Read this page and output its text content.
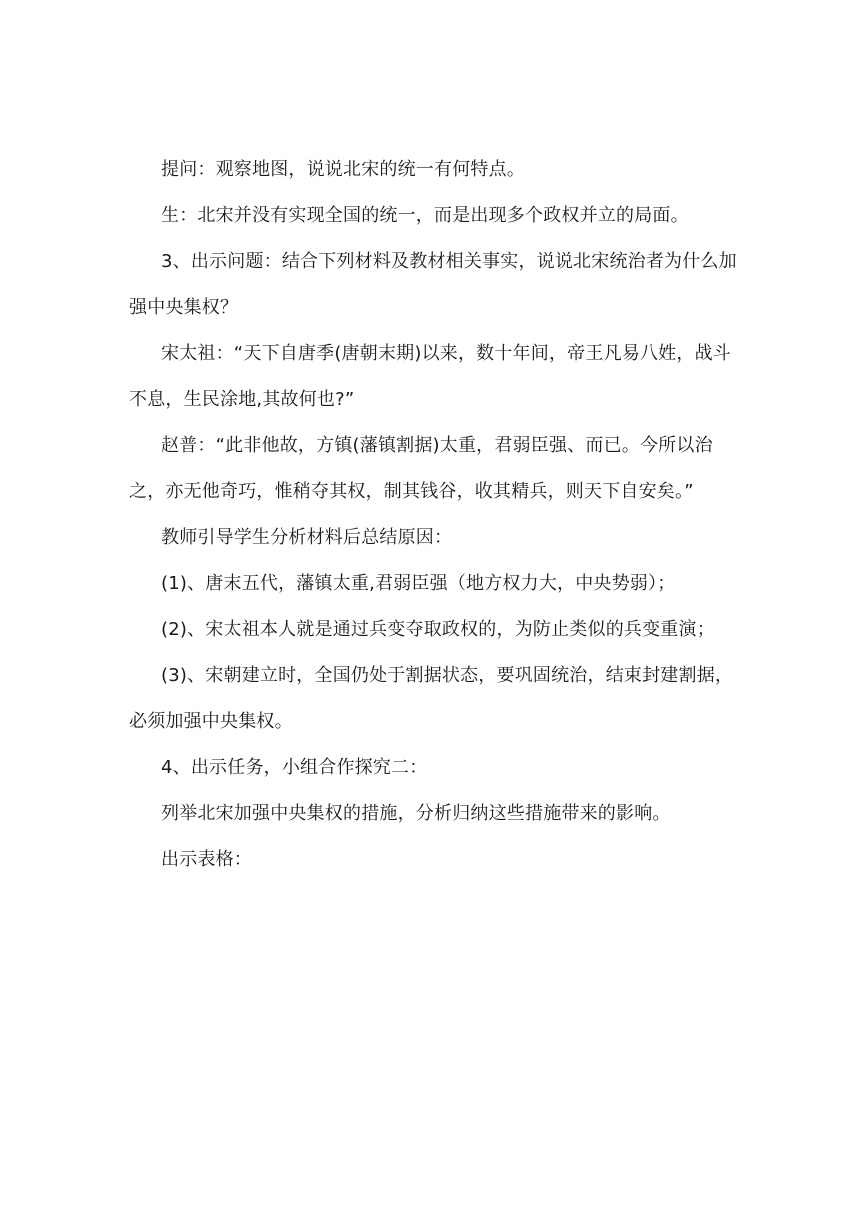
提问：观察地图，说说北宋的统一有何特点。

生：北宋并没有实现全国的统一，而是出现多个政权并立的局面。

3、出示问题：结合下列材料及教材相关事实，说说北宋统治者为什么加强中央集权？

宋太祖：“天下自唐季(唐朝末期)以来，数十年间，帝王凡易八姓，战斗不息，生民涂地,其故何也?”

赵普：“此非他故，方镇(藩镇割据)太重，君弱臣强、而已。今所以治之，亦无他奇巧，惟稍夺其权，制其钱谷，收其精兵，则天下自安矣。”

教师引导学生分析材料后总结原因：

(1)、唐末五代，藩镇太重,君弱臣强（地方权力大，中央势弱）；

(2)、宋太祖本人就是通过兵变夺取政权的，为防止类似的兵变重演；

(3)、宋朝建立时，全国仍处于割据状态，要巩固统治，结束封建割据，必须加强中央集权。

4、出示任务，小组合作探究二：

列举北宋加强中央集权的措施，分析归纳这些措施带来的影响。

出示表格：
